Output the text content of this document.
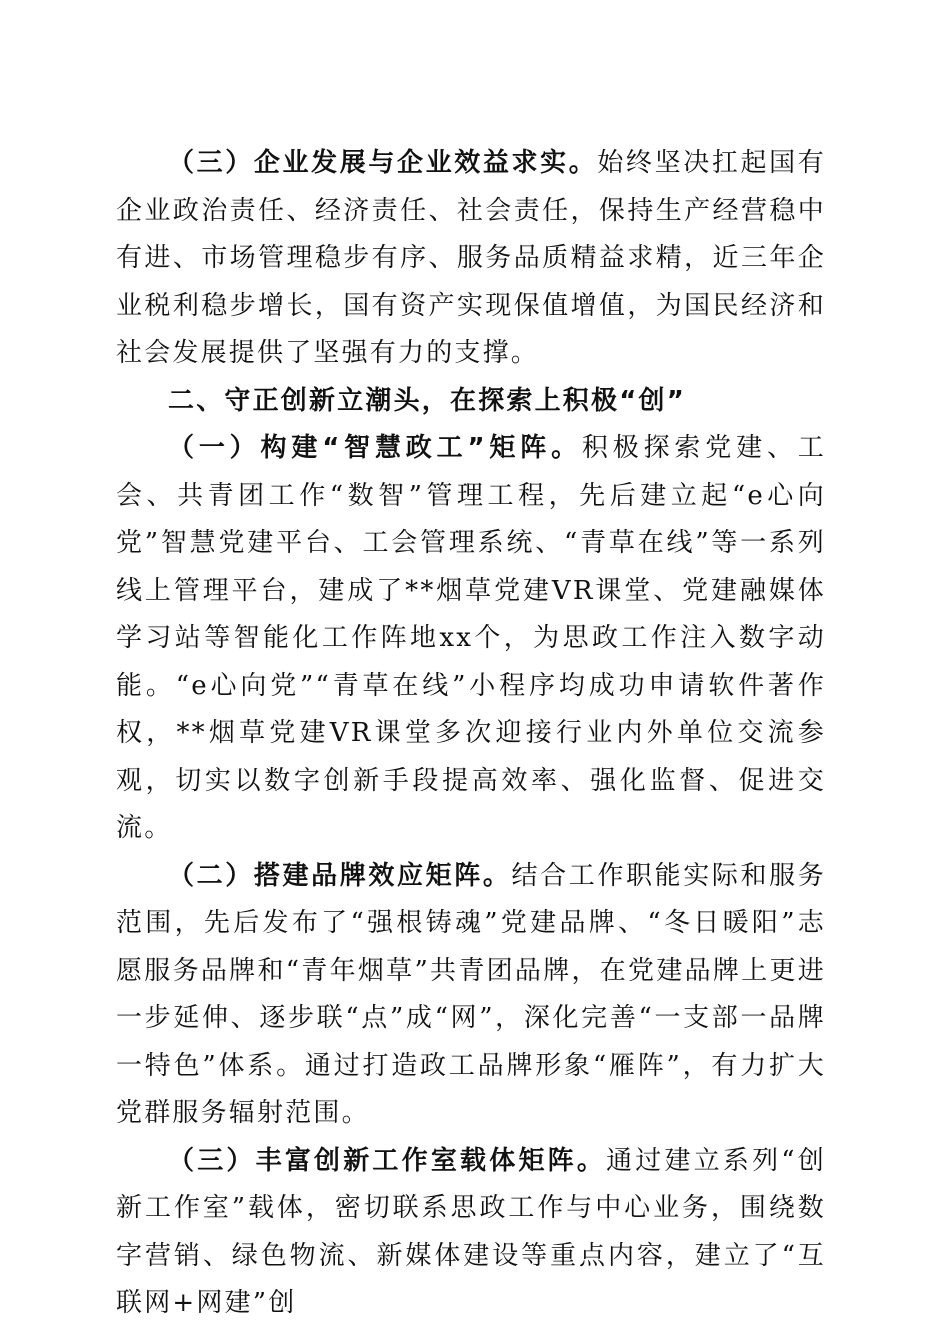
（三）企业发展与企业效益求实。始终坚决扛起国有企业政治责任、经济责任、社会责任，保持生产经营稳中有进、市场管理稳步有序、服务品质精益求精，近三年企业税利稳步增长，国有资产实现保值增值，为国民经济和社会发展提供了坚强有力的支撑。

二、守正创新立潮头，在探索上积极“创”

（一）构建“智慧政工”矩阵。积极探索党建、工会、共青团工作“数智”管理工程，先后建立起“e心向党”智慧党建平台、工会管理系统、“青草在线”等一系列线上管理平台，建成了**烟草党建VR课堂、党建融媒体学习站等智能化工作阵地xx个，为思政工作注入数字动能。“e心向党”“青草在线”小程序均成功申请软件著作权，**烟草党建VR课堂多次迎接行业内外单位交流参观，切实以数字创新手段提高效率、强化监督、促进交流。

（二）搭建品牌效应矩阵。结合工作职能实际和服务范围，先后发布了“强根铸魂”党建品牌、“冬日暖阳”志愿服务品牌和“青年烟草”共青团品牌，在党建品牌上更进一步延伸、逐步联“点”成“网”，深化完善“一支部一品牌一特色”体系。通过打造政工品牌形象“雁阵”，有力扩大党群服务辐射范围。

（三）丰富创新工作室载体矩阵。通过建立系列“创新工作室”载体，密切联系思政工作与中心业务，围绕数字营销、绿色物流、新媒体建设等重点内容，建立了“互联网+网建”创
